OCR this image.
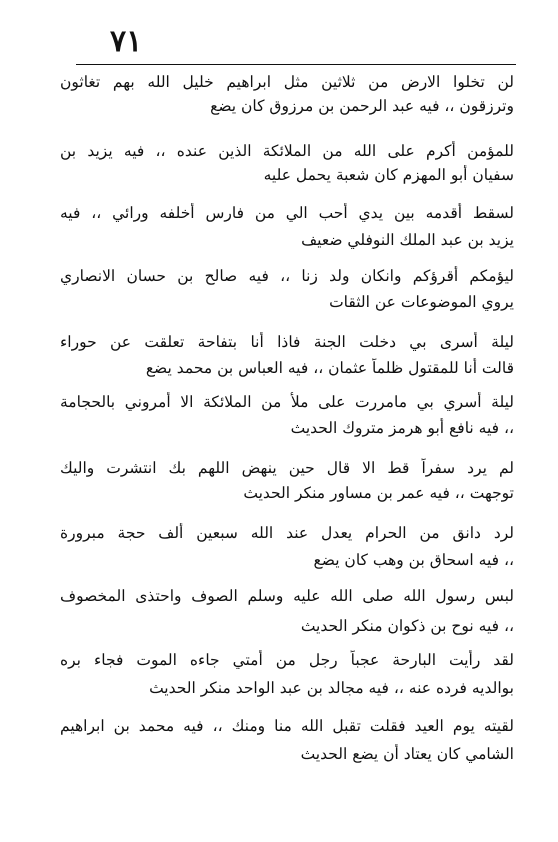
٧١
لن تخلوا الارض من ثلاثين مثل ابراهيم خليل الله بهم تغاثون
وترزقون ،، فيه عبد الرحمن بن مرزوق كان يضع
للمؤمن أكرم على الله من الملائكة الذين عنده ،، فيه يزيد بن
سفيان أبو المهزم كان شعبة يحمل عليه
لسقط أقدمه بين يدي أحب الي من فارس أخلفه ورائي ،، فيه
يزيد بن عبد الملك النوفلي ضعيف
ليؤمكم أقرؤكم وانكان ولد زنا ،، فيه صالح بن حسان الانصاري
يروي الموضوعات عن الثقات
ليلة أسرى بي دخلت الجنة فاذا أنا بتفاحة تعلقت عن حوراء
قالت أنا للمقتول ظلماً عثمان ،، فيه العباس بن محمد يضع
ليلة أسري بي مامررت على ملأ من الملائكة الا أمروني بالحجامة
،، فيه نافع أبو هرمز متروك الحديث
لم يرد سفراً قط الا قال حين ينهض اللهم بك انتشرت واليك
توجهت ،، فيه عمر بن مساور منكر الحديث
لرد دانق من الحرام يعدل عند الله سبعين ألف حجة مبرورة
،، فيه اسحاق بن وهب كان يضع
لبس رسول الله صلى الله عليه وسلم الصوف واحتذى المخصوف
،، فيه نوح بن ذكوان منكر الحديث
لقد رأيت البارحة عجباً رجل من أمتي جاءه الموت فجاء بره
بوالديه فرده عنه ،، فيه مجالد بن عبد الواحد منكر الحديث
لقيته يوم العيد فقلت تقبل الله منا ومنك ،، فيه محمد بن ابراهيم
الشامي كان يعتاد أن يضع الحديث
